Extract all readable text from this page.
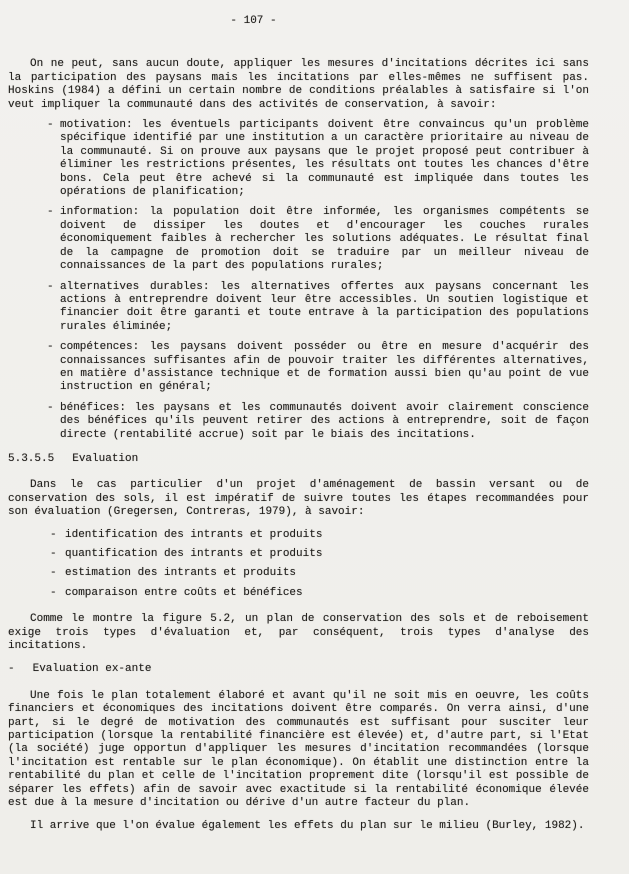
- 107 -

On ne peut, sans aucun doute, appliquer les mesures d'incitations décrites ici sans la participation des paysans mais les incitations par elles-mêmes ne suffisent pas. Hoskins (1984) a défini un certain nombre de conditions préalables à satisfaire si l'on veut impliquer la communauté dans des activités de conservation, à savoir:

- motivation: les éventuels participants doivent être convaincus qu'un problème spécifique identifié par une institution a un caractère prioritaire au niveau de la communauté. Si on prouve aux paysans que le projet proposé peut contribuer à éliminer les restrictions présentes, les résultats ont toutes les chances d'être bons. Cela peut être achevé si la communauté est impliquée dans toutes les opérations de planification;
- information: la population doit être informée, les organismes compétents se doivent de dissiper les doutes et d'encourager les couches rurales économiquement faibles à rechercher les solutions adéquates. Le résultat final de la campagne de promotion doit se traduire par un meilleur niveau de connaissances de la part des populations rurales;
- alternatives durables: les alternatives offertes aux paysans concernant les actions à entreprendre doivent leur être accessibles. Un soutien logistique et financier doit être garanti et toute entrave à la participation des populations rurales éliminée;
- compétences: les paysans doivent posséder ou être en mesure d'acquérir des connaissances suffisantes afin de pouvoir traiter les différentes alternatives, en matière d'assistance technique et de formation aussi bien qu'au point de vue instruction en général;
- bénéfices: les paysans et les communautés doivent avoir clairement conscience des bénéfices qu'ils peuvent retirer des actions à entreprendre, soit de façon directe (rentabilité accrue) soit par le biais des incitations.
5.3.5.5 Evaluation

Dans le cas particulier d'un projet d'aménagement de bassin versant ou de conservation des sols, il est impératif de suivre toutes les étapes recommandées pour son évaluation (Gregersen, Contreras, 1979), à savoir:

- identification des intrants et produits
- quantification des intrants et produits
- estimation des intrants et produits
- comparaison entre coûts et bénéfices

Comme le montre la figure 5.2, un plan de conservation des sols et de reboisement exige trois types d'évaluation et, par conséquent, trois types d'analyse des incitations.

- Evaluation ex-ante

Une fois le plan totalement élaboré et avant qu'il ne soit mis en oeuvre, les coûts financiers et économiques des incitations doivent être comparés. On verra ainsi, d'une part, si le degré de motivation des communautés est suffisant pour susciter leur participation (lorsque la rentabilité financière est élevée) et, d'autre part, si l'Etat (la société) juge opportun d'appliquer les mesures d'incitation recommandées (lorsque l'incitation est rentable sur le plan économique). On établit une distinction entre la rentabilité du plan et celle de l'incitation proprement dite (lorsqu'il est possible de séparer les effets) afin de savoir avec exactitude si la rentabilité économique élevée est due à la mesure d'incitation ou dérive d'un autre facteur du plan.

Il arrive que l'on évalue également les effets du plan sur le milieu (Burley, 1982).
